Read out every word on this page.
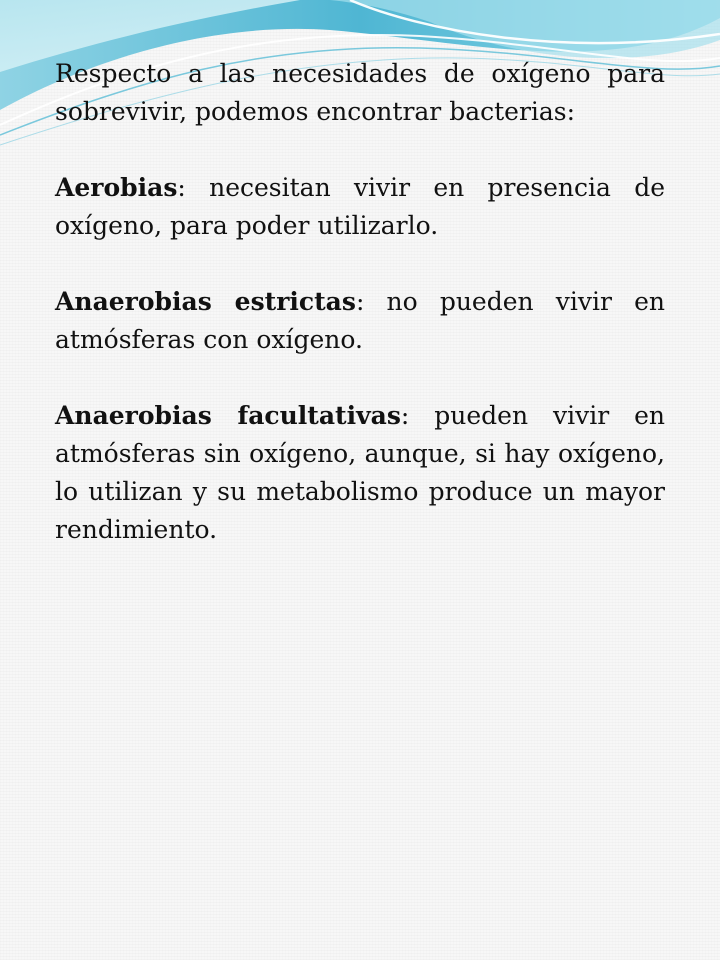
Respecto a las necesidades de oxígeno para sobrevivir, podemos encontrar bacterias:

Aerobias: necesitan vivir en presencia de oxígeno, para poder utilizarlo.

Anaerobias estrictas: no pueden vivir en atmósferas con oxígeno.

Anaerobias facultativas: pueden vivir en atmósferas sin oxígeno, aunque, si hay oxígeno, lo utilizan y su metabolismo produce un mayor rendimiento.
